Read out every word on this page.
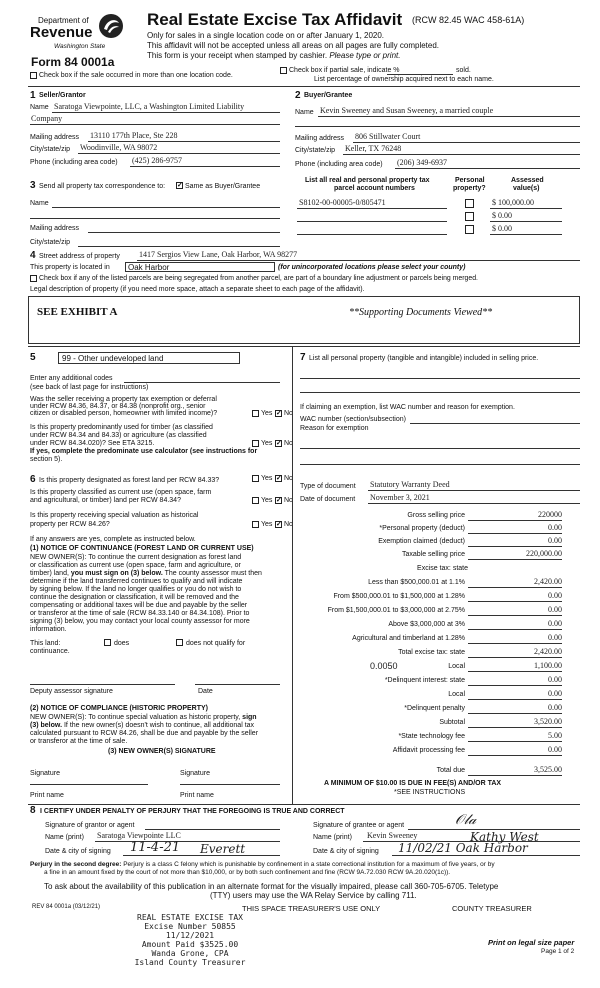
Department of
Revenue
Washington State
Form 84 0001a
Real Estate Excise Tax Affidavit (RCW 82.45 WAC 458-61A)
Only for sales in a single location code on or after January 1, 2020.
This affidavit will not be accepted unless all areas on all pages are fully completed.
This form is your receipt when stamped by cashier. Please type or print.
Check box if the sale occurred in more than one location code.
Check box if partial sale, indicate %	sold.
List percentage of ownership acquired next to each name.
1 Seller/Grantor
Name Saratoga Viewpointe, LLC, a Washington Limited Liability
Company
Mailing address 13110 177th Place, Ste 228
City/state/zip Woodinville, WA 98072
Phone (including area code) (425) 286-9757
2 Buyer/Grantee
Name Kevin Sweeney and Susan Sweeney, a married couple
Mailing address 806 Stillwater Court
City/state/zip Keller, TX 76248
Phone (including area code) (206) 349-6937
3 Send all property tax correspondence to: ✓ Same as Buyer/Grantee
Name
Mailing address
City/state/zip
List all real and personal property tax
parcel account numbers
Personal
property?
Assessed
value(s)
S8102-00-00005-0/805471	$ 100,000.00
$ 0.00
$ 0.00
4 Street address of property 1417 Sergios View Lane, Oak Harbor, WA 98277
This property is located in Oak Harbor	(for unincorporated locations please select your county)
Check box if any of the listed parcels are being segregated from another parcel, are part of a boundary line adjustment or parcels being merged.
Legal description of property (if you need more space, attach a separate sheet to each page of the affidavit).
SEE EXHIBIT A	**Supporting Documents Viewed**
5	99 - Other undeveloped land
Enter any additional codes
(see back of last page for instructions)
Was the seller receiving a property tax exemption or deferral
under RCW 84.36, 84.37, or 84.38 (nonprofit org., senior
citizen or disabled person, homeowner with limited income)?	Yes ✓ No
Is this property predominantly used for timber (as classified
under RCW 84.34 and 84.33) or agriculture (as classified
under RCW 84.34.020)? See ETA 3215.	Yes ✓ No
If yes, complete the predominate use calculator (see instructions for
section 5).
6 Is this property designated as forest land per RCW 84.33?	Yes ✓ No
Is this property classified as current use (open space, farm
and agricultural, or timber) land per RCW 84.34?	Yes ✓ No
Is this property receiving special valuation as historical
property per RCW 84.26?	Yes ✓ No
If any answers are yes, complete as instructed below.
(1) NOTICE OF CONTINUANCE (FOREST LAND OR CURRENT USE)
NEW OWNER(S): To continue the current designation as forest land
or classification as current use (open space, farm and agriculture, or
timber) land, you must sign on (3) below. The county assessor must then
determine if the land transferred continues to qualify and will indicate
by signing below. If the land no longer qualifies or you do not wish to
continue the designation or classification, it will be removed and the
compensating or additional taxes will be due and payable by the seller
or transferor at the time of sale (RCW 84.33.140 or 84.34.108). Prior to
signing (3) below, you may contact your local county assessor for more
information.
This land:	does	does not qualify for
continuance.
Deputy assessor signature	Date
(2) NOTICE OF COMPLIANCE (HISTORIC PROPERTY)
NEW OWNER(S): To continue special valuation as historic property, sign
(3) below. If the new owner(s) doesn't wish to continue, all additional tax
calculated pursuant to RCW 84.26, shall be due and payable by the seller
or transferor at the time of sale.
(3) NEW OWNER(S) SIGNATURE
Signature	Signature
Print name	Print name
7 List all personal property (tangible and intangible) included in selling price.
If claiming an exemption, list WAC number and reason for exemption.
WAC number (section/subsection)
Reason for exemption
Type of document Statutory Warranty Deed
Date of document November 3, 2021
Gross selling price	220000
*Personal property (deduct)	0.00
Exemption claimed (deduct)	0.00
Taxable selling price	220,000.00
Excise tax: state
Less than $500,000.01 at 1.1%	2,420.00
From $500,000.01 to $1,500,000 at 1.28%	0.00
From $1,500,000.01 to $3,000,000 at 2.75%	0.00
Above $3,000,000 at 3%	0.00
Agricultural and timberland at 1.28%	0.00
Total excise tax: state	2,420.00
0.0050	Local	1,100.00
*Delinquent interest: state	0.00
Local	0.00
*Delinquent penalty	0.00
Subtotal	3,520.00
*State technology fee	5.00
Affidavit processing fee	0.00
Total due	3,525.00
A MINIMUM OF $10.00 IS DUE IN FEE(S) AND/OR TAX
*SEE INSTRUCTIONS
8 I CERTIFY UNDER PENALTY OF PERJURY THAT THE FOREGOING IS TRUE AND CORRECT
Signature of grantor or agent
Name (print) Saratoga Viewpointe LLC
Date & city of signing 11-4-21 Everett
Signature of grantee or agent	𝒪𝓁𝒶
Name (print) Kevin Sweeney	Kathy West
Date & city of signing 11/02/21 Oak Harbor
Perjury in the second degree: Perjury is a class C felony which is punishable by confinement in a state correctional institution for a maximum of five years, or by
a fine in an amount fixed by the court of not more than $10,000, or by both such confinement and fine (RCW 9A.72.030 RCW 9A.20.020(1c)).
To ask about the availability of this publication in an alternate format for the visually impaired, please call 360-705-6705. Teletype
(TTY) users may use the WA Relay Service by calling 711.
REV 84 0001a (03/12/21)	THIS SPACE TREASURER'S USE ONLY	COUNTY TREASURER
REAL ESTATE EXCISE TAX
Excise Number 50855
11/12/2021
Amount Paid $3525.00
Wanda Grone, CPA
Island County Treasurer
Print on legal size paper
Page 1 of 2
